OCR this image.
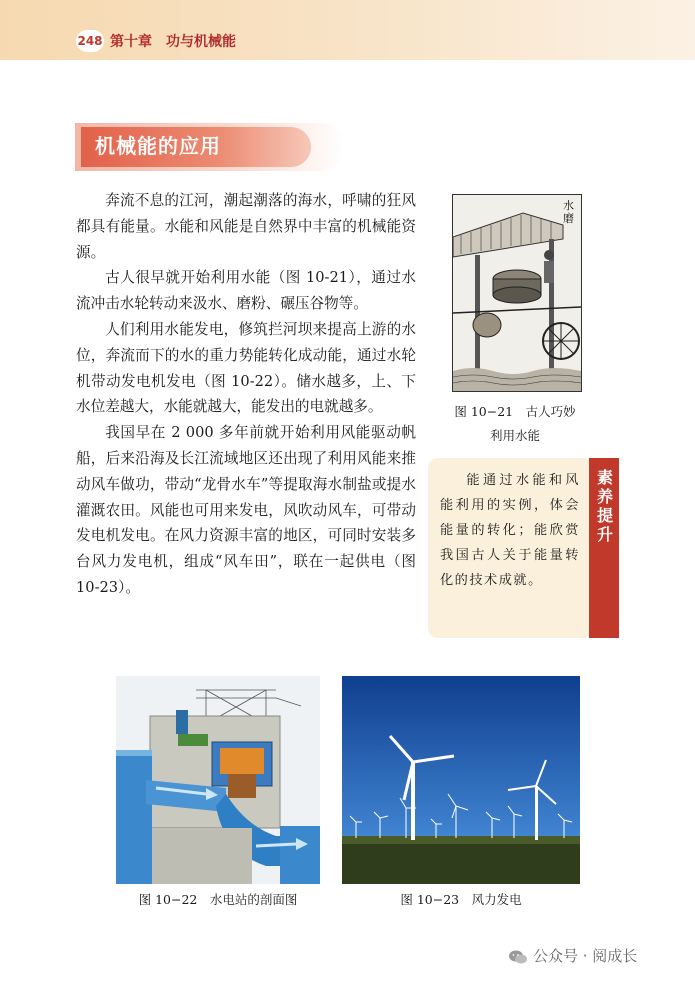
248 第十章　功与机械能
机械能的应用

奔流不息的江河，潮起潮落的海水，呼啸的狂风都具有能量。水能和风能是自然界中丰富的机械能资源。

古人很早就开始利用水能（图 10-21），通过水流冲击水轮转动来汲水、磨粉、碾压谷物等。

人们利用水能发电，修筑拦河坝来提高上游的水位，奔流而下的水的重力势能转化成动能，通过水轮机带动发电机发电（图 10-22）。储水越多，上、下水位差越大，水能就越大，能发出的电就越多。

我国早在 2 000 多年前就开始利用风能驱动帆船，后来沿海及长江流域地区还出现了利用风能来推动风车做功，带动“龙骨水车”等提取海水制盐或提水灌溉农田。风能也可用来发电，风吹动风车，可带动发电机发电。在风力资源丰富的地区，可同时安装多台风力发电机，组成“风车田”，联在一起供电（图 10-23）。

水磨
图 10−21　古人巧妙
利用水能

能通过水能和风能利用的实例，体会能量的转化；能欣赏我国古人关于能量转化的技术成就。

素养提升
图 10−22　水电站的剖面图	图 10−23　风力发电
公众号 · 阅成长
